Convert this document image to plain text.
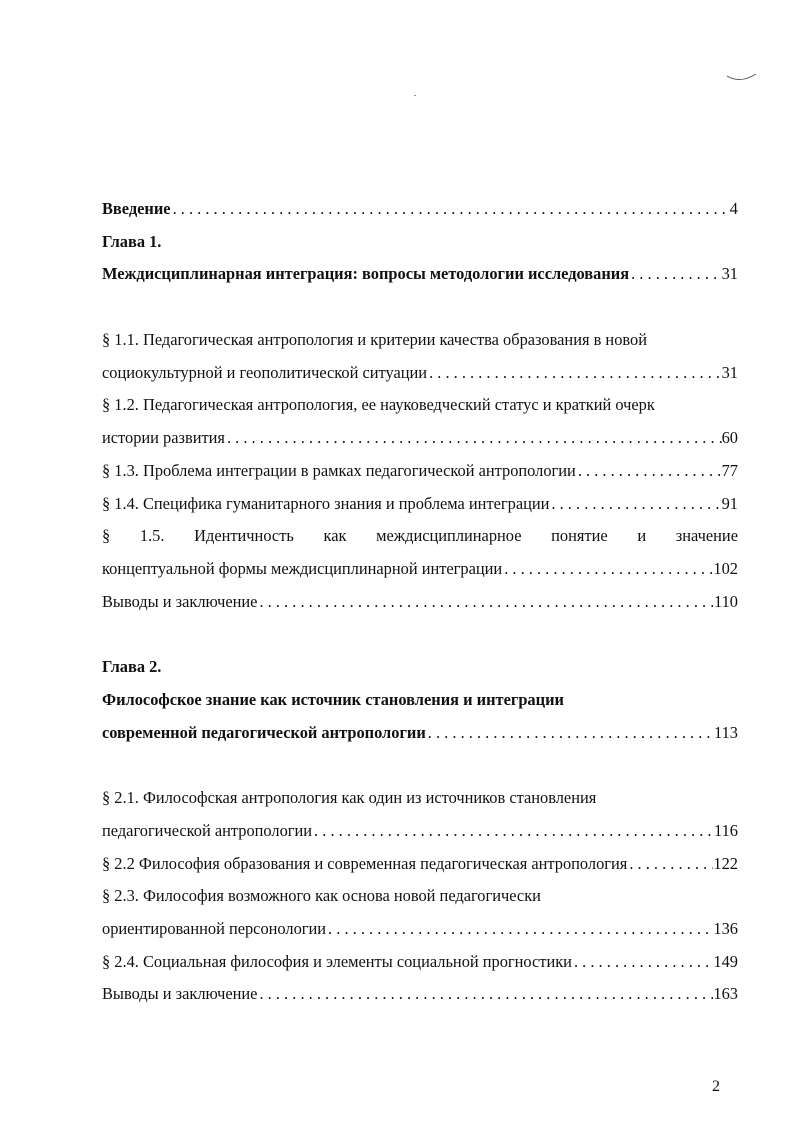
Введение . . .	4
Глава 1.
Междисциплинарная интеграция: вопросы методологии исследования . . .	31
§ 1.1. Педагогическая антропология и критерии качества образования в новой
социокультурной и геополитической ситуации . . .	31
§ 1.2. Педагогическая антропология, ее науковедческий статус и краткий очерк
истории развития . . .	60
§ 1.3. Проблема интеграции в рамках педагогической антропологии . . .	77
§ 1.4. Специфика гуманитарного знания и проблема интеграции . . .	91
§ 1.5. Идентичность как междисциплинарное понятие и значение
концептуальной формы междисциплинарной интеграции . . .	102
Выводы и заключение . . .	110
Глава 2.
Философское знание как источник становления и интеграции
современной педагогической антропологии . . .	113
§ 2.1. Философская антропология как один из источников становления
педагогической антропологии . . .	116
§ 2.2 Философия образования и современная педагогическая антропология . . .	122
§ 2.3. Философия возможного как основа новой педагогически
ориентированной персонологии . . .	136
§ 2.4. Социальная философия и элементы социальной прогностики . . .	149
Выводы и заключение . . .	163
2
